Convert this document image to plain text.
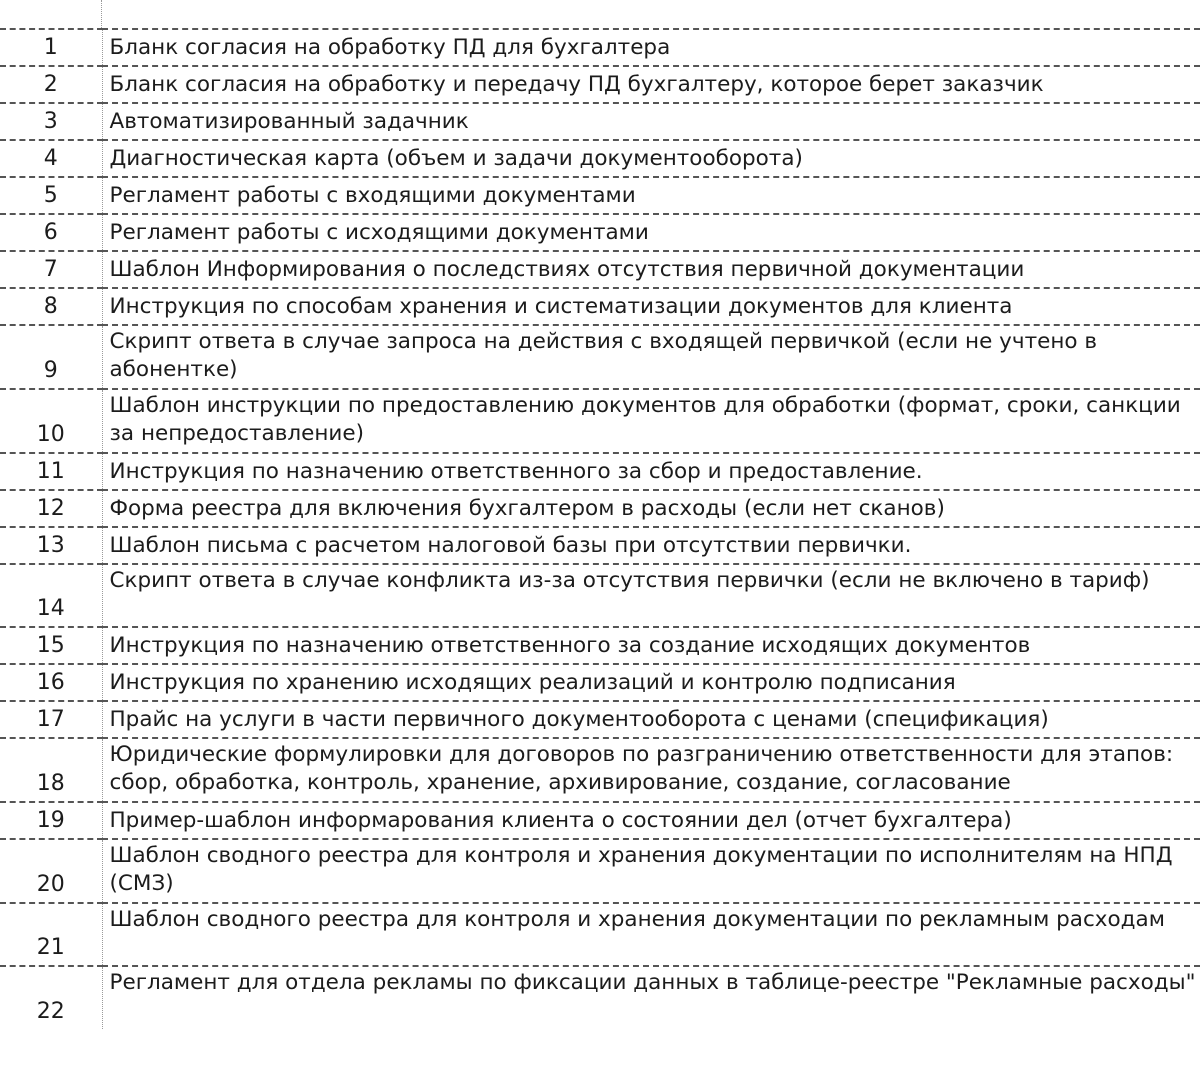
1	Бланк согласия на обработку ПД для бухгалтера
2	Бланк согласия на обработку и передачу ПД бухгалтеру, которое берет заказчик
3	Автоматизированный задачник
4	Диагностическая карта (объем и задачи документооборота)
5	Регламент работы с входящими документами
6	Регламент работы с исходящими документами
7	Шаблон Информирования о последствиях отсутствия первичной документации
8	Инструкция по способам хранения и систематизации документов для клиента
9	Скрипт ответа в случае запроса на действия с входящей первичкой (если не учтено в абонентке)
10	Шаблон инструкции по предоставлению документов для обработки (формат, сроки, санкции за непредоставление)
11	Инструкция по назначению ответственного за сбор и предоставление.
12	Форма реестра для включения бухгалтером в расходы (если нет сканов)
13	Шаблон письма с расчетом налоговой базы при отсутствии первички.
14	Скрипт ответа в случае конфликта из-за отсутствия первички (если не включено в тариф)
15	Инструкция по назначению ответственного за создание исходящих документов
16	Инструкция по хранению исходящих реализаций и контролю подписания
17	Прайс на услуги в части первичного документооборота с ценами (спецификация)
18	Юридические формулировки для договоров по разграничению ответственности для этапов: сбор, обработка, контроль, хранение, архивирование, создание, согласование
19	Пример-шаблон информарования клиента о состоянии дел (отчет бухгалтера)
20	Шаблон сводного реестра для контроля и хранения документации по исполнителям на НПД (СМЗ)
21	Шаблон сводного реестра для контроля и хранения документации по рекламным расходам
22	Регламент для отдела рекламы по фиксации данных в таблице-реестре "Рекламные расходы"
